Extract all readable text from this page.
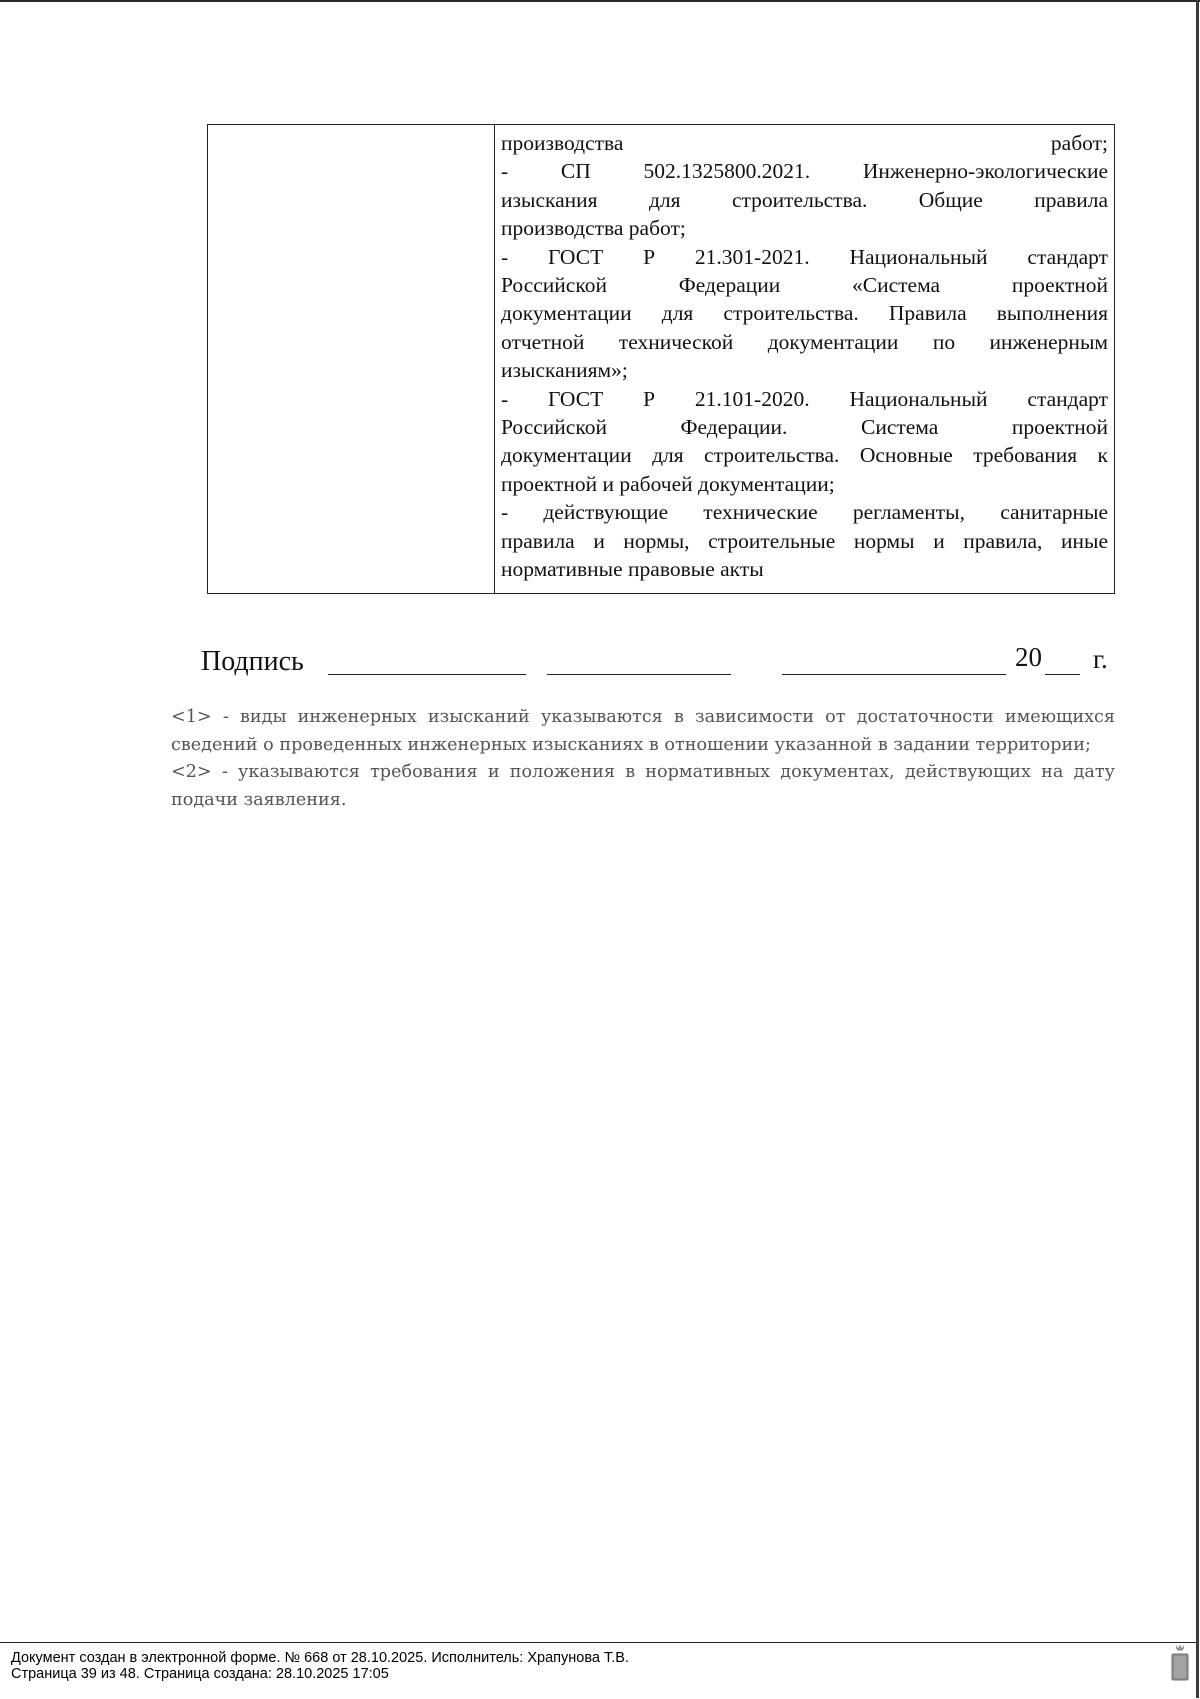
производства работ;
- СП 502.1325800.2021. Инженерно-экологические
изыскания для строительства. Общие правила
производства работ;
- ГОСТ Р 21.301-2021. Национальный стандарт
Российской Федерации «Система проектной
документации для строительства. Правила выполнения
отчетной технической документации по инженерным
изысканиям»;
- ГОСТ Р 21.101-2020. Национальный стандарт
Российской Федерации. Система проектной
документации для строительства. Основные требования к
проектной и рабочей документации;
- действующие технические регламенты, санитарные
правила и нормы, строительные нормы и правила, иные
нормативные правовые акты
Подпись	20 г.
<1> - виды инженерных изысканий указываются в зависимости от достаточности имеющихся
сведений о проведенных инженерных изысканиях в отношении указанной в задании территории;
<2> - указываются требования и положения в нормативных документах, действующих на дату
подачи заявления.
Документ создан в электронной форме. № 668 от 28.10.2025. Исполнитель: Храпунова Т.В.
Страница 39 из 48. Страница создана: 28.10.2025 17:05
